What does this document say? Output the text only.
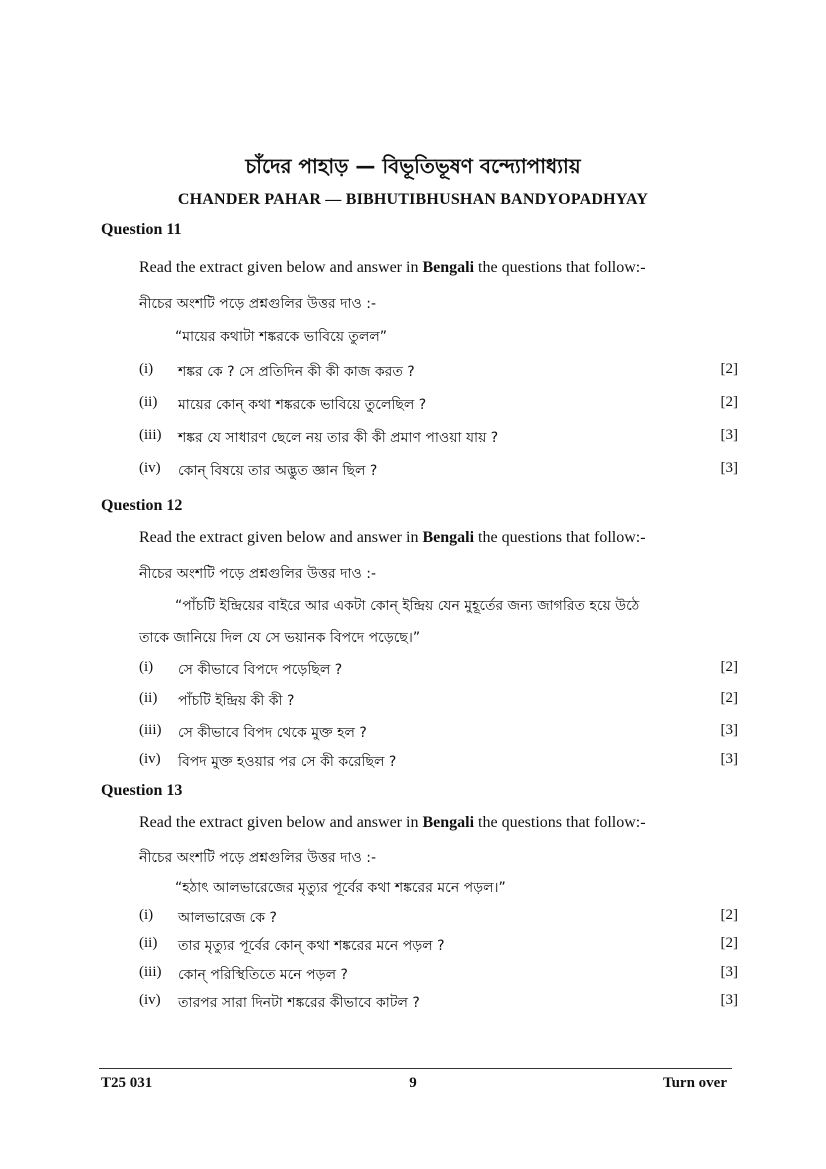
চাঁদের পাহাড় — বিভূতিভূষণ বন্দ্যোপাধ্যায়
CHANDER PAHAR — BIBHUTIBHUSHAN BANDYOPADHYAY
Question 11
Read the extract given below and answer in Bengali the questions that follow:-
নীচের অংশটি পড়ে প্রশ্নগুলির উত্তর দাও :-
“মায়ের কথাটা শঙ্করকে ভাবিয়ে তুলল”
(i) শঙ্কর কে ? সে প্রতিদিন কী কী কাজ করত ?	[2]
(ii) মায়ের কোন্ কথা শঙ্করকে ভাবিয়ে তুলেছিল ?	[2]
(iii) শঙ্কর যে সাধারণ ছেলে নয় তার কী কী প্রমাণ পাওয়া যায় ?	[3]
(iv) কোন্ বিষয়ে তার অদ্ভুত জ্ঞান ছিল ?	[3]
Question 12
Read the extract given below and answer in Bengali the questions that follow:-
নীচের অংশটি পড়ে প্রশ্নগুলির উত্তর দাও :-
“পাঁচটি ইন্দ্রিয়ের বাইরে আর একটা কোন্ ইন্দ্রিয় যেন মুহূর্তের জন্য জাগরিত হয়ে উঠে
তাকে জানিয়ে দিল যে সে ভয়ানক বিপদে পড়েছে।”
(i) সে কীভাবে বিপদে পড়েছিল ?	[2]
(ii) পাঁচটি ইন্দ্রিয় কী কী ?	[2]
(iii) সে কীভাবে বিপদ থেকে মুক্ত হল ?	[3]
(iv) বিপদ মুক্ত হওয়ার পর সে কী করেছিল ?	[3]
Question 13
Read the extract given below and answer in Bengali the questions that follow:-
নীচের অংশটি পড়ে প্রশ্নগুলির উত্তর দাও :-
“হঠাৎ আলভারেজের মৃত্যুর পূর্বের কথা শঙ্করের মনে পড়ল।”
(i) আলভারেজ কে ?	[2]
(ii) তার মৃত্যুর পূর্বের কোন্ কথা শঙ্করের মনে পড়ল ?	[2]
(iii) কোন্ পরিস্থিতিতে মনে পড়ল ?	[3]
(iv) তারপর সারা দিনটা শঙ্করের কীভাবে কাটল ?	[3]
T25 031	9	Turn over
